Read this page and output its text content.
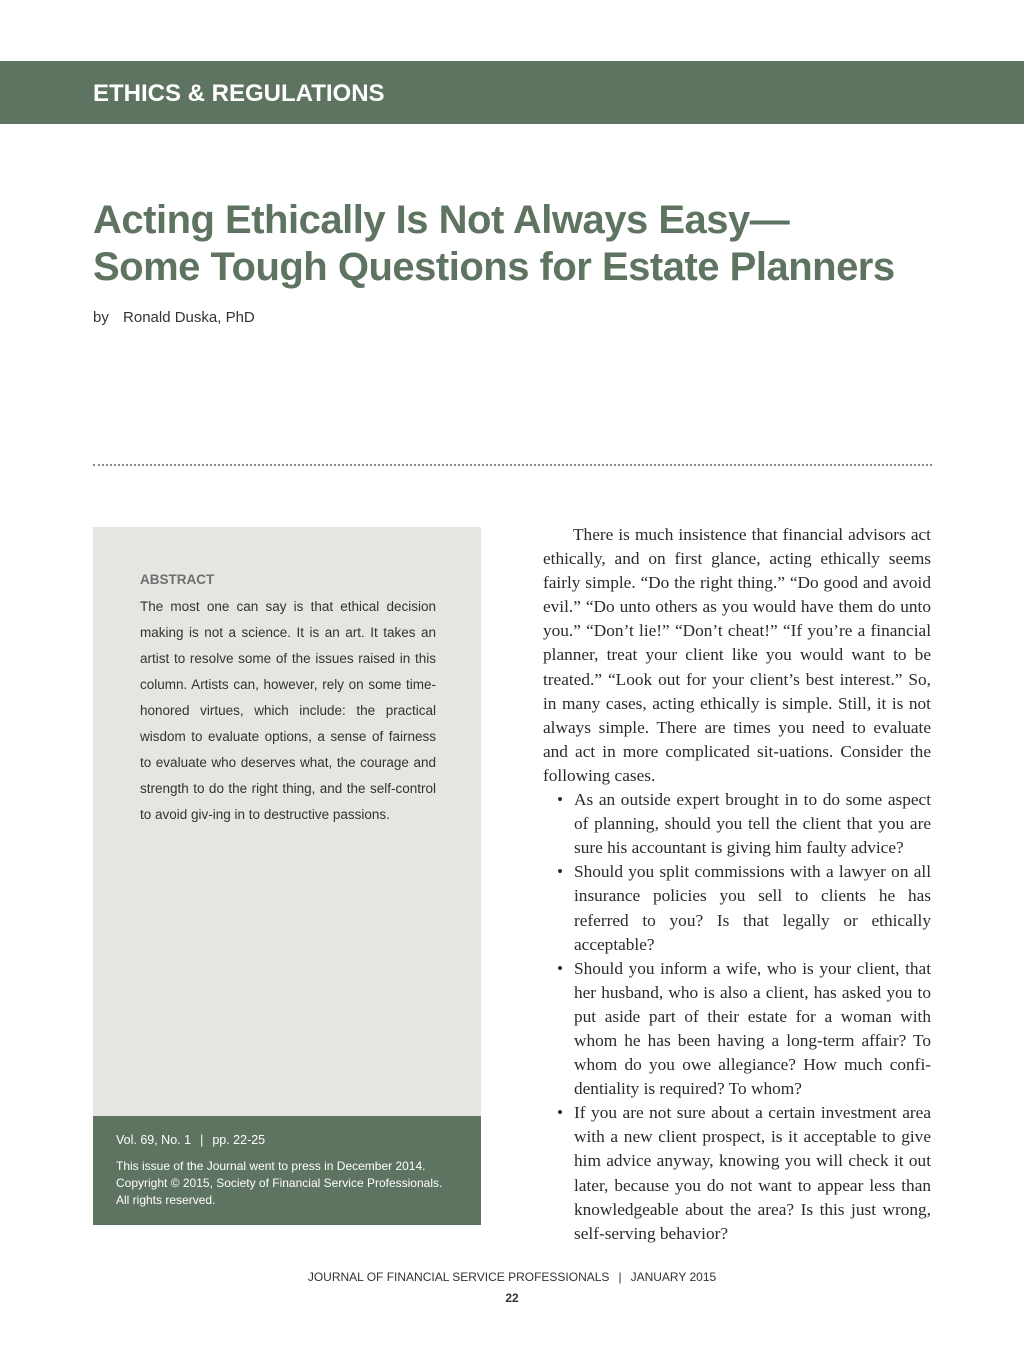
ETHICS & REGULATIONS
Acting Ethically Is Not Always Easy—
Some Tough Questions for Estate Planners
by Ronald Duska, PhD
ABSTRACT

The most one can say is that ethical decision making is not a science. It is an art. It takes an artist to resolve some of the issues raised in this column. Artists can, however, rely on some time-honored virtues, which include: the practical wisdom to evaluate options, a sense of fairness to evaluate who deserves what, the courage and strength to do the right thing, and the self-control to avoid giv-ing in to destructive passions.

Vol. 69, No. 1 | pp. 22-25
This issue of the Journal went to press in December 2014.
Copyright © 2015, Society of Financial Service Professionals.
All rights reserved.

There is much insistence that financial advisors act ethically, and on first glance, acting ethically seems fairly simple. “Do the right thing.” “Do good and avoid evil.” “Do unto others as you would have them do unto you.” “Don’t lie!” “Don’t cheat!” “If you’re a financial planner, treat your client like you would want to be treated.” “Look out for your client’s best interest.” So, in many cases, acting ethically is simple. Still, it is not always simple. There are times you need to evaluate and act in more complicated sit-uations. Consider the following cases.

• As an outside expert brought in to do some aspect of planning, should you tell the client that you are sure his accountant is giving him faulty advice?
• Should you split commissions with a lawyer on all insurance policies you sell to clients he has referred to you? Is that legally or ethically acceptable?
• Should you inform a wife, who is your client, that her husband, who is also a client, has asked you to put aside part of their estate for a woman with whom he has been having a long-term affair? To whom do you owe allegiance? How much confi-dentiality is required? To whom?
• If you are not sure about a certain investment area with a new client prospect, is it acceptable to give him advice anyway, knowing you will check it out later, because you do not want to appear less than knowledgeable about the area? Is this just wrong, self-serving behavior?
JOURNAL OF FINANCIAL SERVICE PROFESSIONALS | JANUARY 2015
22
